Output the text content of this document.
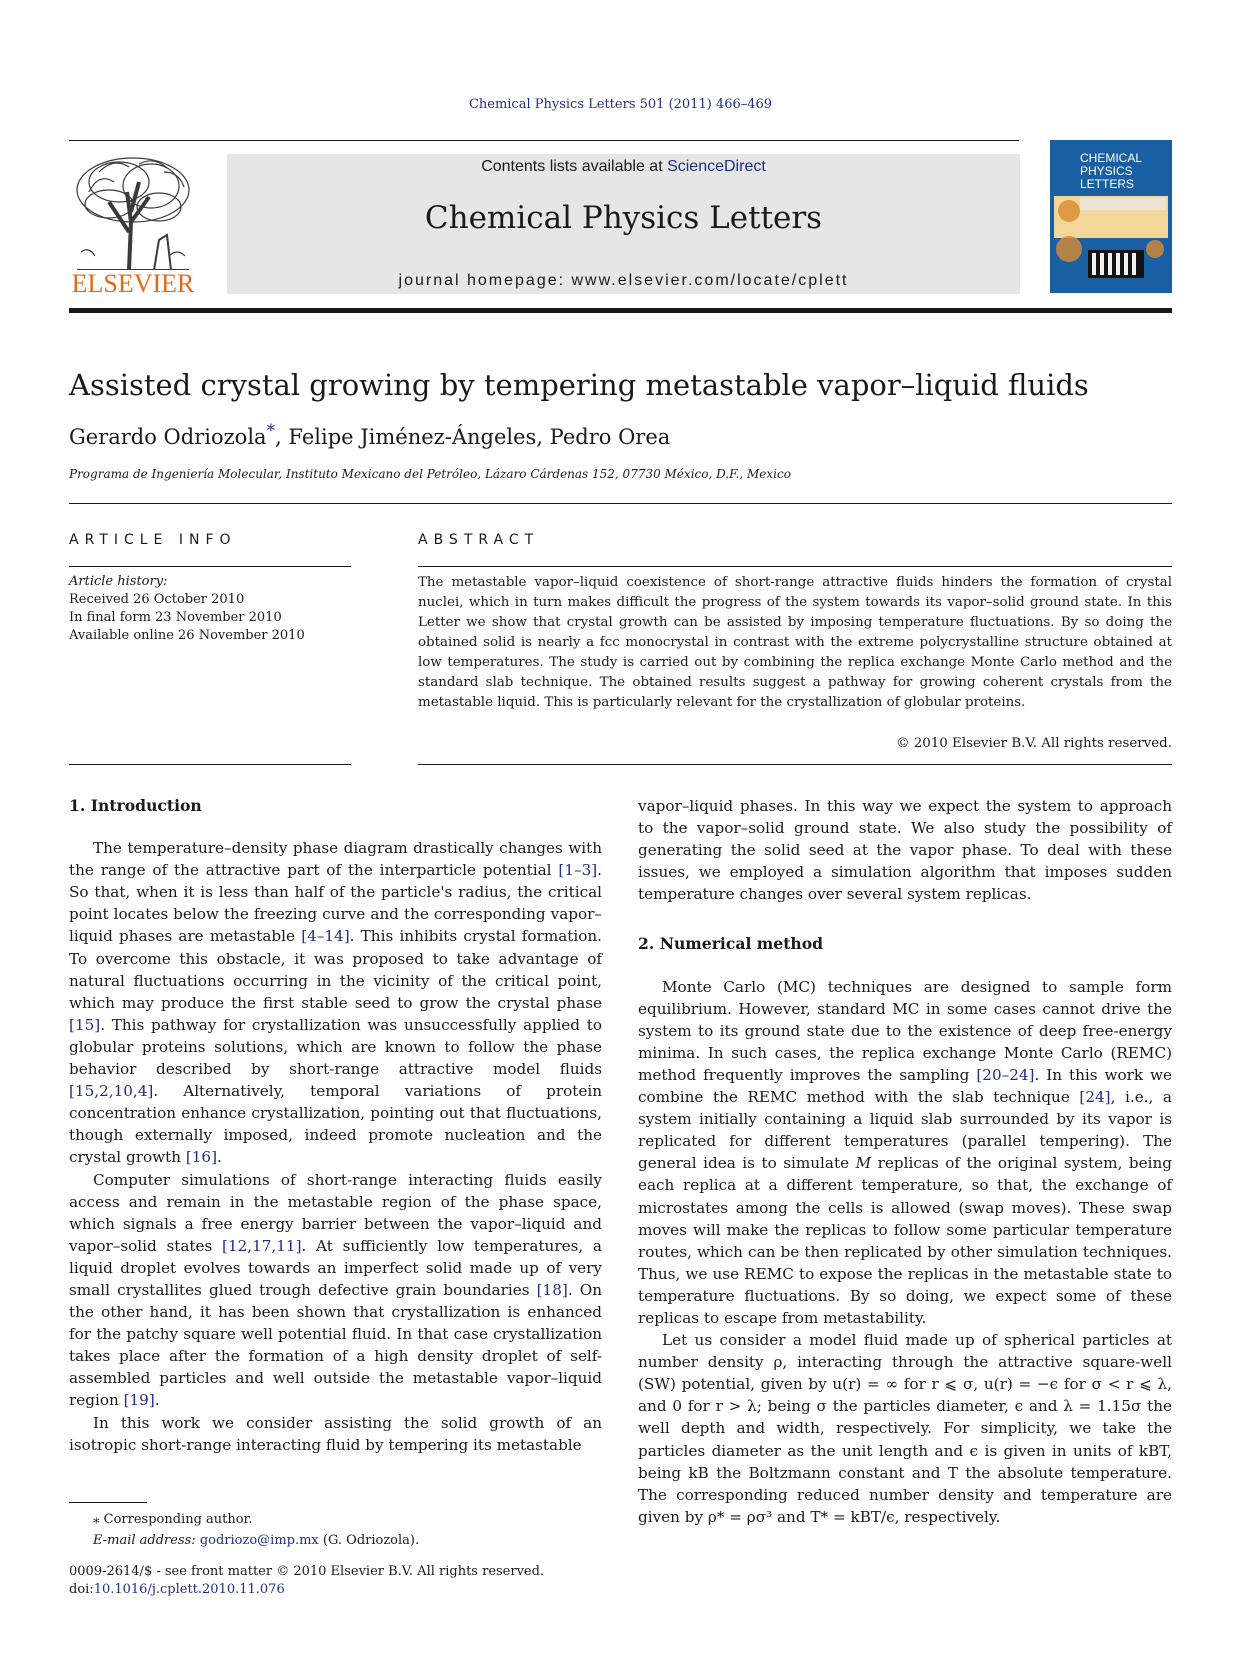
Chemical Physics Letters 501 (2011) 466–469
ELSEVIER
Contents lists available at ScienceDirect
Chemical Physics Letters
journal homepage: www.elsevier.com/locate/cplett
CHEMICAL
PHYSICS
LETTERS
Assisted crystal growing by tempering metastable vapor–liquid fluids
Gerardo Odriozola*, Felipe Jiménez-Ángeles, Pedro Orea
Programa de Ingeniería Molecular, Instituto Mexicano del Petróleo, Lázaro Cárdenas 152, 07730 México, D.F., Mexico
ARTICLE INFO	ABSTRACT
Article history:
Received 26 October 2010
In final form 23 November 2010
Available online 26 November 2010
The metastable vapor–liquid coexistence of short-range attractive fluids hinders the formation of crystal nuclei, which in turn makes difficult the progress of the system towards its vapor–solid ground state. In this Letter we show that crystal growth can be assisted by imposing temperature fluctuations. By so doing the obtained solid is nearly a fcc monocrystal in contrast with the extreme polycrystalline structure obtained at low temperatures. The study is carried out by combining the replica exchange Monte Carlo method and the standard slab technique. The obtained results suggest a pathway for growing coherent crystals from the metastable liquid. This is particularly relevant for the crystallization of globular proteins.
© 2010 Elsevier B.V. All rights reserved.
1. Introduction

The temperature–density phase diagram drastically changes with the range of the attractive part of the interparticle potential [1–3]. So that, when it is less than half of the particle's radius, the critical point locates below the freezing curve and the corresponding vapor–liquid phases are metastable [4–14]. This inhibits crystal formation. To overcome this obstacle, it was proposed to take advantage of natural fluctuations occurring in the vicinity of the critical point, which may produce the first stable seed to grow the crystal phase [15]. This pathway for crystallization was unsuccessfully applied to globular proteins solutions, which are known to follow the phase behavior described by short-range attractive model fluids [15,2,10,4]. Alternatively, temporal variations of protein concentration enhance crystallization, pointing out that fluctuations, though externally imposed, indeed promote nucleation and the crystal growth [16].

Computer simulations of short-range interacting fluids easily access and remain in the metastable region of the phase space, which signals a free energy barrier between the vapor–liquid and vapor–solid states [12,17,11]. At sufficiently low temperatures, a liquid droplet evolves towards an imperfect solid made up of very small crystallites glued trough defective grain boundaries [18]. On the other hand, it has been shown that crystallization is enhanced for the patchy square well potential fluid. In that case crystallization takes place after the formation of a high density droplet of self-assembled particles and well outside the metastable vapor–liquid region [19].

In this work we consider assisting the solid growth of an isotropic short-range interacting fluid by tempering its metastable

vapor–liquid phases. In this way we expect the system to approach to the vapor–solid ground state. We also study the possibility of generating the solid seed at the vapor phase. To deal with these issues, we employed a simulation algorithm that imposes sudden temperature changes over several system replicas.

2. Numerical method

Monte Carlo (MC) techniques are designed to sample form equilibrium. However, standard MC in some cases cannot drive the system to its ground state due to the existence of deep free-energy minima. In such cases, the replica exchange Monte Carlo (REMC) method frequently improves the sampling [20–24]. In this work we combine the REMC method with the slab technique [24], i.e., a system initially containing a liquid slab surrounded by its vapor is replicated for different temperatures (parallel tempering). The general idea is to simulate M replicas of the original system, being each replica at a different temperature, so that, the exchange of microstates among the cells is allowed (swap moves). These swap moves will make the replicas to follow some particular temperature routes, which can be then replicated by other simulation techniques. Thus, we use REMC to expose the replicas in the metastable state to temperature fluctuations. By so doing, we expect some of these replicas to escape from metastability.

Let us consider a model fluid made up of spherical particles at number density ρ, interacting through the attractive square-well (SW) potential, given by u(r) = ∞ for r ⩽ σ, u(r) = −ϵ for σ < r ⩽ λ, and 0 for r > λ; being σ the particles diameter, ϵ and λ = 1.15σ the well depth and width, respectively. For simplicity, we take the particles diameter as the unit length and ϵ is given in units of kBT, being kB the Boltzmann constant and T the absolute temperature. The corresponding reduced number density and temperature are given by ρ* = ρσ³ and T* = kBT/ϵ, respectively.

⁎ Corresponding author.
E-mail address: godriozo@imp.mx (G. Odriozola).
0009-2614/$ - see front matter © 2010 Elsevier B.V. All rights reserved.
doi:10.1016/j.cplett.2010.11.076
